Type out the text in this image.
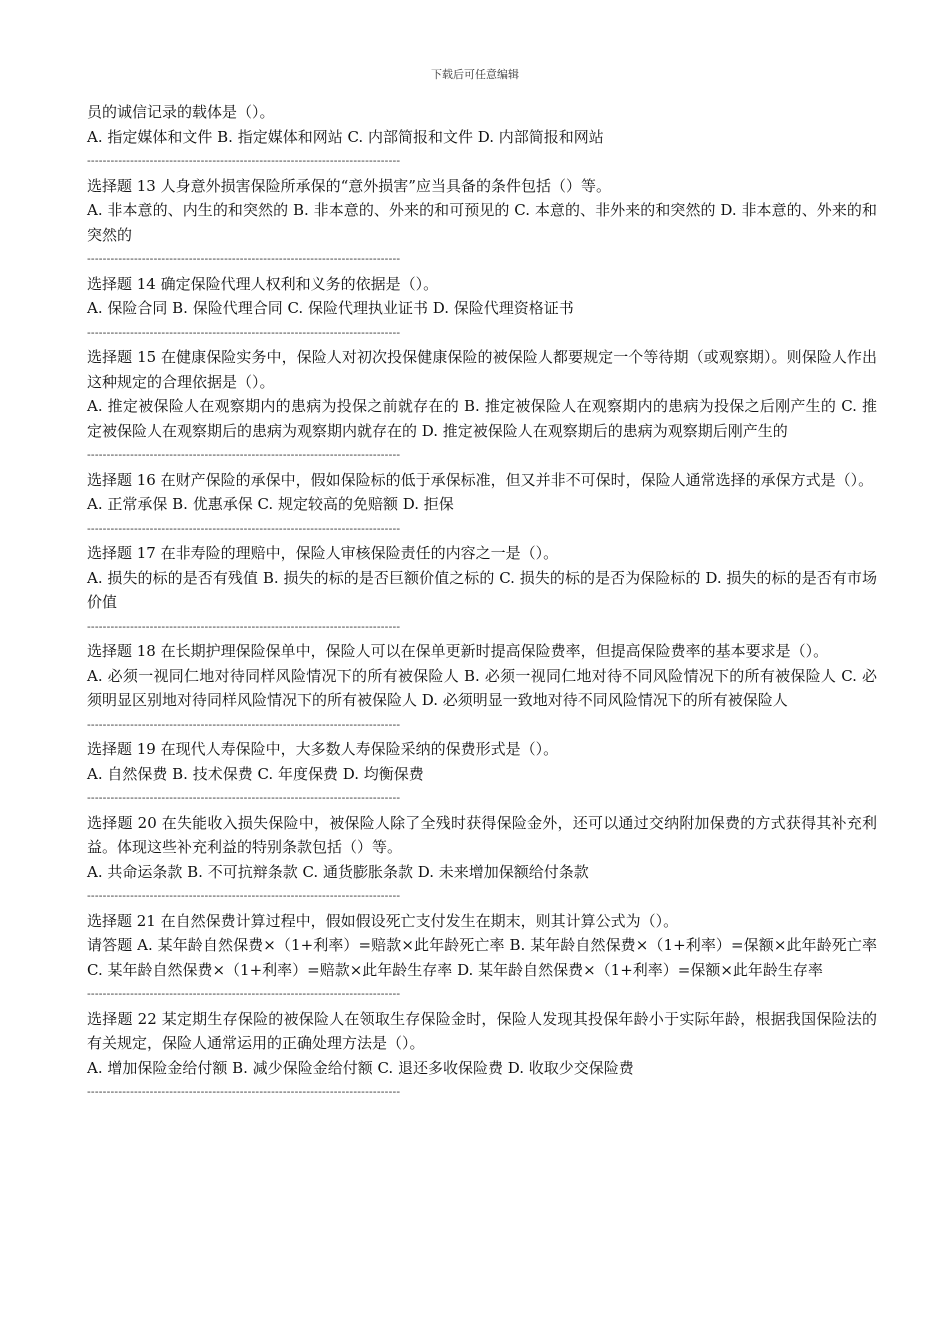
下载后可任意编辑

员的诚信记录的载体是（）。

A. 指定媒体和文件 B. 指定媒体和网站 C. 内部简报和文件 D. 内部简报和网站

--------------------------------------------------------------------------------

选择题 13 人身意外损害保险所承保的“意外损害”应当具备的条件包括（）等。

A. 非本意的、内生的和突然的 B. 非本意的、外来的和可预见的 C. 本意的、非外来的和突然的 D. 非本意的、外来的和突然的

--------------------------------------------------------------------------------

选择题 14 确定保险代理人权利和义务的依据是（）。

A. 保险合同 B. 保险代理合同 C. 保险代理执业证书 D. 保险代理资格证书

--------------------------------------------------------------------------------

选择题 15 在健康保险实务中，保险人对初次投保健康保险的被保险人都要规定一个等待期（或观察期）。则保险人作出这种规定的合理依据是（）。

A. 推定被保险人在观察期内的患病为投保之前就存在的 B. 推定被保险人在观察期内的患病为投保之后刚产生的 C. 推定被保险人在观察期后的患病为观察期内就存在的 D. 推定被保险人在观察期后的患病为观察期后刚产生的

--------------------------------------------------------------------------------

选择题 16 在财产保险的承保中，假如保险标的低于承保标准，但又并非不可保时，保险人通常选择的承保方式是（）。

A. 正常承保 B. 优惠承保 C. 规定较高的免赔额 D. 拒保

--------------------------------------------------------------------------------

选择题 17 在非寿险的理赔中，保险人审核保险责任的内容之一是（）。

A. 损失的标的是否有残值 B. 损失的标的是否巨额价值之标的 C. 损失的标的是否为保险标的 D. 损失的标的是否有市场价值

--------------------------------------------------------------------------------

选择题 18 在长期护理保险保单中，保险人可以在保单更新时提高保险费率，但提高保险费率的基本要求是（）。

A. 必须一视同仁地对待同样风险情况下的所有被保险人 B. 必须一视同仁地对待不同风险情况下的所有被保险人 C. 必须明显区别地对待同样风险情况下的所有被保险人 D. 必须明显一致地对待不同风险情况下的所有被保险人

--------------------------------------------------------------------------------

选择题 19 在现代人寿保险中，大多数人寿保险采纳的保费形式是（）。

A. 自然保费 B. 技术保费 C. 年度保费 D. 均衡保费

--------------------------------------------------------------------------------

选择题 20 在失能收入损失保险中，被保险人除了全残时获得保险金外，还可以通过交纳附加保费的方式获得其补充利益。体现这些补充利益的特别条款包括（）等。

A. 共命运条款 B. 不可抗辩条款 C. 通货膨胀条款 D. 未来增加保额给付条款

--------------------------------------------------------------------------------

选择题 21 在自然保费计算过程中，假如假设死亡支付发生在期末，则其计算公式为（）。

请答题 A. 某年龄自然保费×（1+利率）=赔款×此年龄死亡率 B. 某年龄自然保费×（1+利率）=保额×此年龄死亡率 C. 某年龄自然保费×（1+利率）=赔款×此年龄生存率 D. 某年龄自然保费×（1+利率）=保额×此年龄生存率

--------------------------------------------------------------------------------

选择题 22 某定期生存保险的被保险人在领取生存保险金时，保险人发现其投保年龄小于实际年龄，根据我国保险法的有关规定，保险人通常运用的正确处理方法是（）。

A. 增加保险金给付额 B. 减少保险金给付额 C. 退还多收保险费 D. 收取少交保险费

--------------------------------------------------------------------------------
